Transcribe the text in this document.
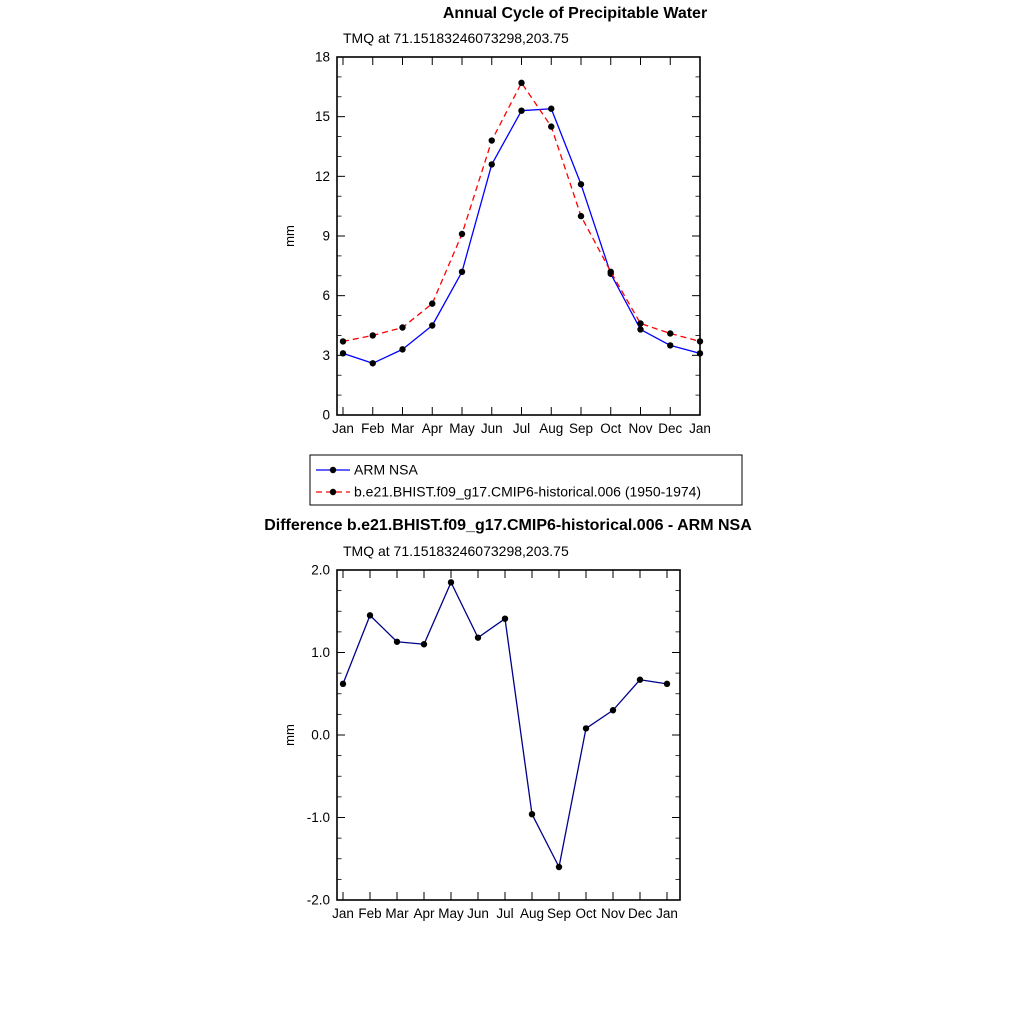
Annual Cycle of Precipitable Water
TMQ at 71.15183246073298,203.75
mm
Jan Feb Mar Apr May Jun Jul Aug Sep Oct Nov Dec Jan
0
3
6
9
12
15
18
ARM NSA
b.e21.BHIST.f09_g17.CMIP6-historical.006 (1950-1974)
Difference b.e21.BHIST.f09_g17.CMIP6-historical.006 - ARM NSA
TMQ at 71.15183246073298,203.75
mm
Jan Feb Mar Apr May Jun Jul Aug Sep Oct Nov Dec Jan
-2.0
-1.0
0.0
1.0
2.0
